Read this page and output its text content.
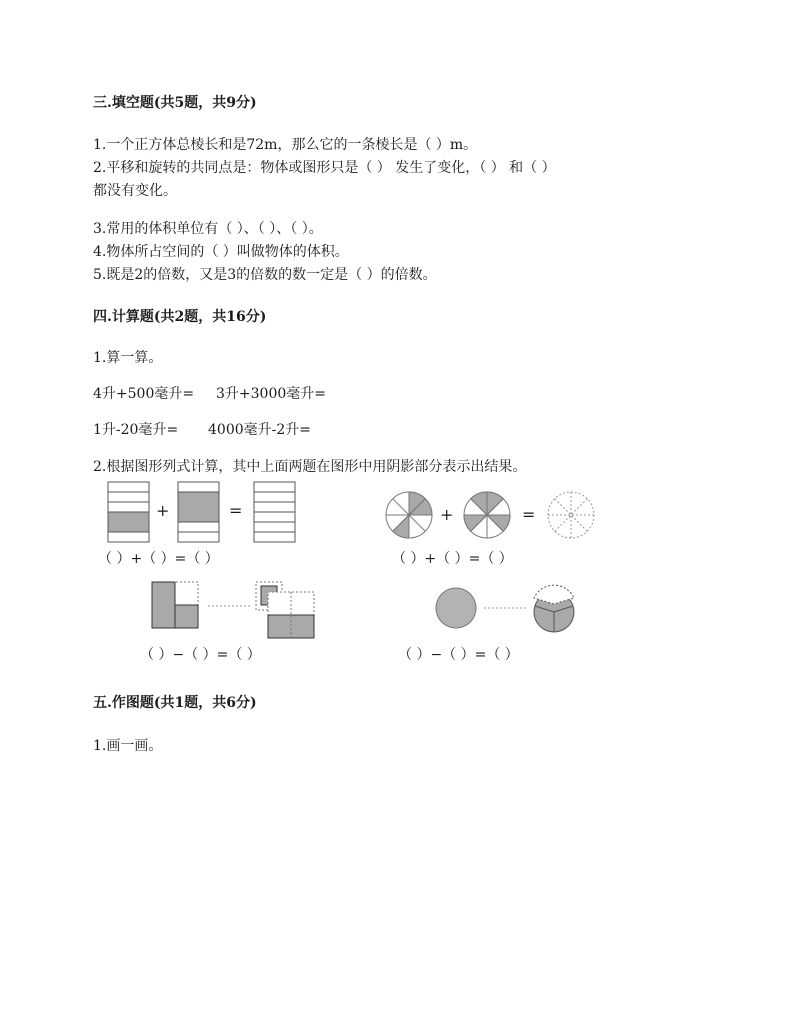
三.填空题(共5题，共9分)
1.一个正方体总棱长和是72m，那么它的一条棱长是（ ）m。
2.平移和旋转的共同点是：物体或图形只是（ ） 发生了变化，（ ） 和（ ）
都没有变化。
3.常用的体积单位有（ ）、（ ）、（ ）。
4.物体所占空间的（ ）叫做物体的体积。
5.既是2的倍数，又是3的倍数的数一定是（ ）的倍数。
四.计算题(共2题，共16分)
1.算一算。
4升+500毫升= 3升+3000毫升=
1升-20毫升= 4000毫升-2升=
2.根据图形列式计算，其中上面两题在图形中用阴影部分表示出结果。
+	=	+	=
（ ）+（ ）=（ ）	（ ）+（ ）=（ ）
（ ）−（ ）=（ ）	（ ）−（ ）=（ ）
五.作图题(共1题，共6分)
1.画一画。
